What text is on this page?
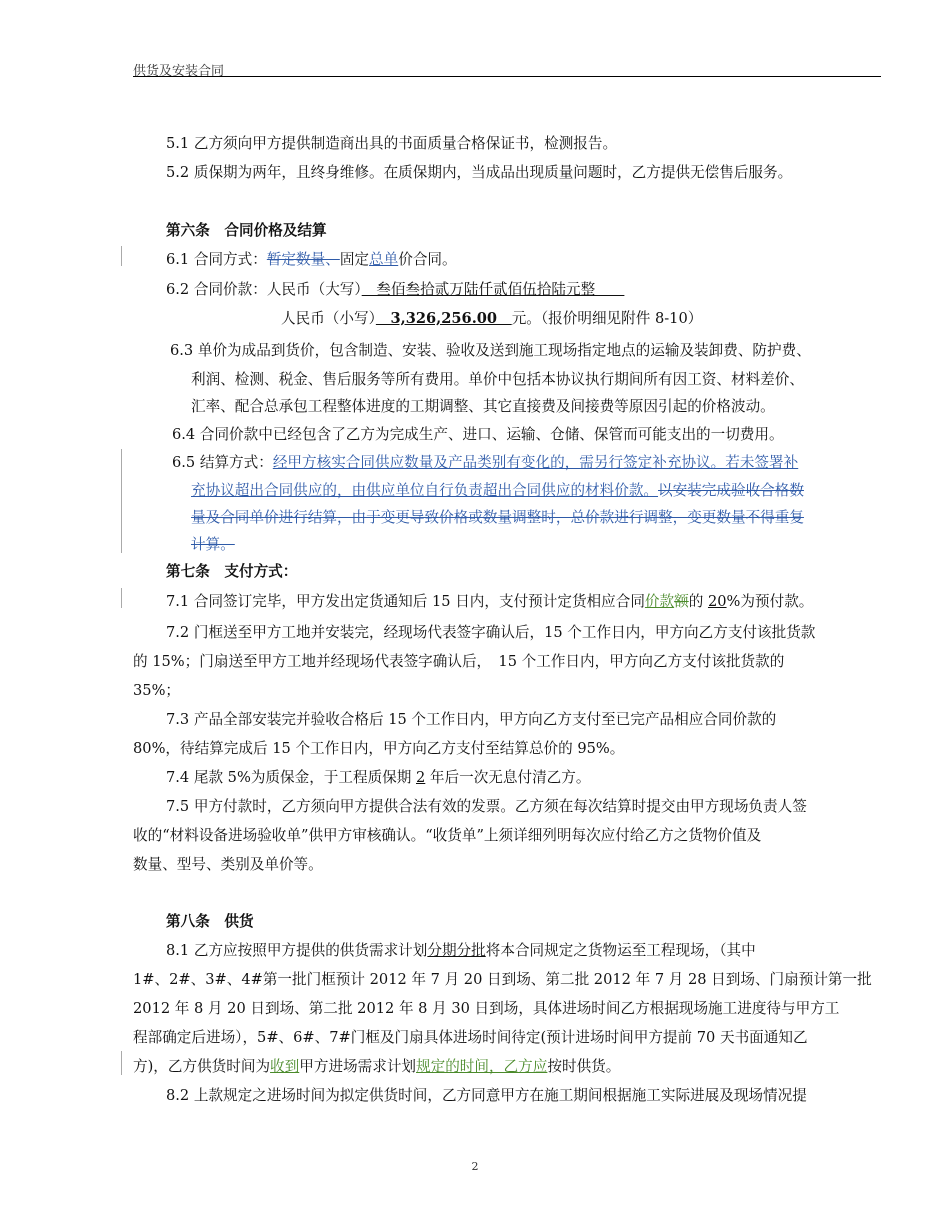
供货及安装合同
5.1 乙方须向甲方提供制造商出具的书面质量合格保证书，检测报告。
5.2 质保期为两年，且终身维修。在质保期内，当成品出现质量问题时，乙方提供无偿售后服务。
第六条　合同价格及结算
6.1 合同方式：暂定数量、固定总单价合同。
6.2 合同价款：人民币（大写）　叁佰叁拾贰万陆仟贰佰伍拾陆元整　　
人民币（小写）　3,326,256.00　元。（报价明细见附件 8-10）
6.3 单价为成品到货价，包含制造、安装、验收及送到施工现场指定地点的运输及装卸费、防护费、
利润、检测、税金、售后服务等所有费用。单价中包括本协议执行期间所有因工资、材料差价、
汇率、配合总承包工程整体进度的工期调整、其它直接费及间接费等原因引起的价格波动。
6.4 合同价款中已经包含了乙方为完成生产、进口、运输、仓储、保管而可能支出的一切费用。
6.5 结算方式：经甲方核实合同供应数量及产品类别有变化的，需另行签定补充协议。若未签署补
充协议超出合同供应的，由供应单位自行负责超出合同供应的材料价款。以安装完成验收合格数
量及合同单价进行结算，由于变更导致价格或数量调整时，总价款进行调整，变更数量不得重复
计算。
第七条　支付方式：
7.1 合同签订完毕，甲方发出定货通知后 15 日内，支付预计定货相应合同价款额的 20%为预付款。
7.2 门框送至甲方工地并安装完，经现场代表签字确认后，15 个工作日内，甲方向乙方支付该批货款
的 15%；门扇送至甲方工地并经现场代表签字确认后，　15 个工作日内，甲方向乙方支付该批货款的
35%；
7.3 产品全部安装完并验收合格后 15 个工作日内，甲方向乙方支付至已完产品相应合同价款的
80%，待结算完成后 15 个工作日内，甲方向乙方支付至结算总价的 95%。
7.4 尾款 5%为质保金，于工程质保期 2 年后一次无息付清乙方。
7.5 甲方付款时，乙方须向甲方提供合法有效的发票。乙方须在每次结算时提交由甲方现场负责人签
收的“材料设备进场验收单”供甲方审核确认。“收货单”上须详细列明每次应付给乙方之货物价值及
数量、型号、类别及单价等。
第八条　供货
8.1 乙方应按照甲方提供的供货需求计划分期分批将本合同规定之货物运至工程现场，（其中
1#、2#、3#、4#第一批门框预计 2012 年 7 月 20 日到场、第二批 2012 年 7 月 28 日到场、门扇预计第一批
2012 年 8 月 20 日到场、第二批 2012 年 8 月 30 日到场，具体进场时间乙方根据现场施工进度待与甲方工
程部确定后进场），5#、6#、7#门框及门扇具体进场时间待定(预计进场时间甲方提前 70 天书面通知乙
方)，乙方供货时间为收到甲方进场需求计划规定的时间，乙方应按时供货。
8.2 上款规定之进场时间为拟定供货时间，乙方同意甲方在施工期间根据施工实际进展及现场情况提
2
